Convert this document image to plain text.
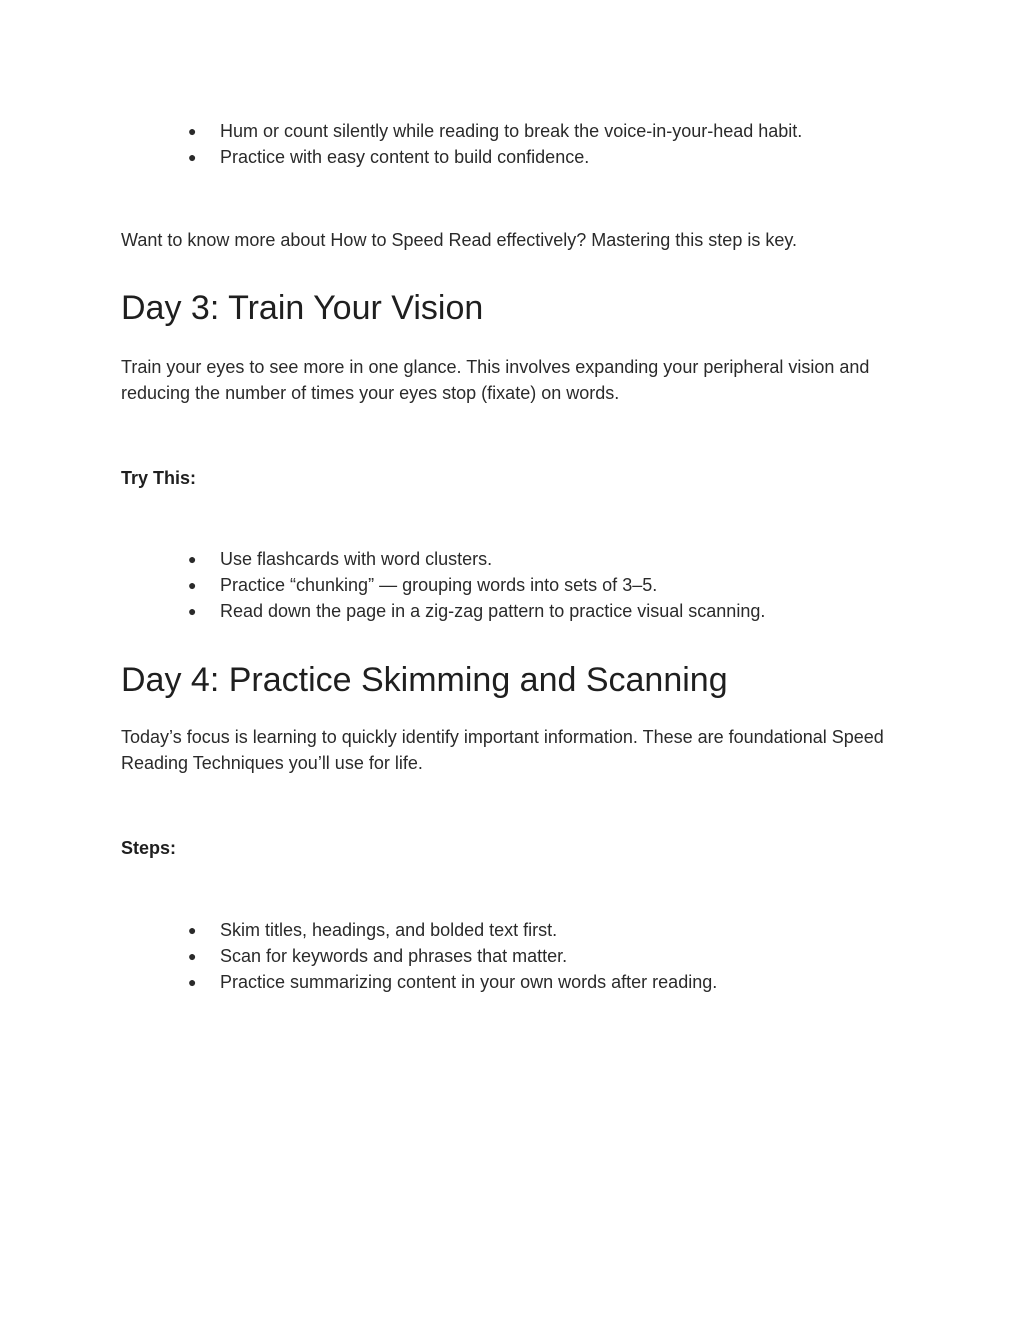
● Hum or count silently while reading to break the voice-in-your-head habit.
● Practice with easy content to build confidence.

Want to know more about How to Speed Read effectively? Mastering this step is key.

Day 3: Train Your Vision

Train your eyes to see more in one glance. This involves expanding your peripheral vision and reducing the number of times your eyes stop (fixate) on words.

Try This:
● Use flashcards with word clusters.
● Practice “chunking” — grouping words into sets of 3–5.
● Read down the page in a zig-zag pattern to practice visual scanning.
Day 4: Practice Skimming and Scanning

Today’s focus is learning to quickly identify important information. These are foundational Speed Reading Techniques you’ll use for life.

Steps:
● Skim titles, headings, and bolded text first.
● Scan for keywords and phrases that matter.
● Practice summarizing content in your own words after reading.
